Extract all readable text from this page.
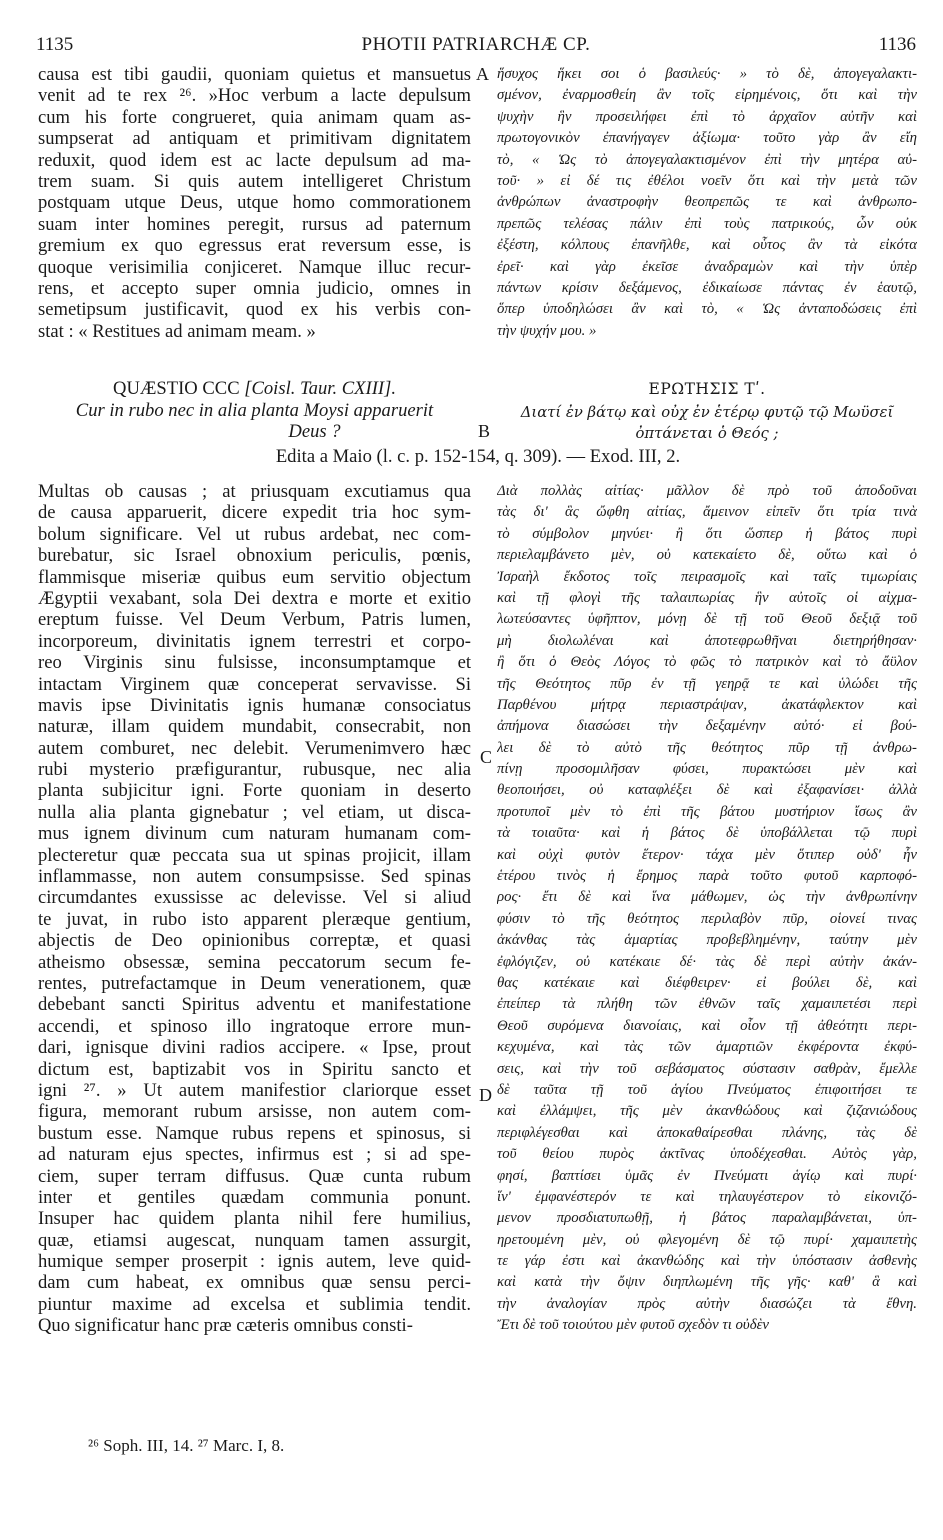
1135	PHOTII PATRIARCHÆ CP.	1136
causa est tibi gaudii, quoniam quietus et mansuetus
venit ad te rex ²⁶. »Hoc verbum a lacte depulsum
cum his forte congrueret, quia animam quam as-
sumpserat ad antiquam et primitivam dignitatem
reduxit, quod idem est ac lacte depulsum ad ma-
trem suam. Si quis autem intelligeret Christum
postquam utque Deus, utque homo commorationem
suam inter homines peregit, rursus ad paternum
gremium ex quo egressus erat reversum esse, is
quoque verisimilia conjiceret. Namque illuc recur-
rens, et accepto super omnia judicio, omnes in
semetipsum justificavit, quod ex his verbis con-
stat : « Restitues ad animam meam. »
ἥσυχος ἥκει σοι ὁ βασιλεύς· » τὸ δὲ, ἀπογεγαλακτι-
σμένον, ἐναρμοσθείη ἂν τοῖς εἰρημένοις, ὅτι καὶ τὴν
ψυχὴν ἣν προσειλήφει ἐπὶ τὸ ἀρχαῖον αὐτῆν καὶ
πρωτογονικὸν ἐπανήγαγεν ἀξίωμα· τοῦτο γὰρ ἂν εἴη
τὸ, « Ὡς τὸ ἀπογεγαλακτισμένον ἐπὶ τὴν μητέρα αὐ-
τοῦ· » εἰ δέ τις ἐθέλοι νοεῖν ὅτι καὶ τὴν μετὰ τῶν
ἀνθρώπων ἀναστροφὴν θεοπρεπῶς τε καὶ ἀνθρωπο-
πρεπῶς τελέσας πάλιν ἐπὶ τοὺς πατρικούς, ὧν οὐκ
ἐξέστη, κόλπους ἐπανῆλθε, καὶ οὗτος ἂν τὰ εἰκότα
ἐρεῖ· καὶ γὰρ ἐκεῖσε ἀναδραμὼν καὶ τὴν ὑπὲρ
πάντων κρίσιν δεξάμενος, ἐδικαίωσε πάντας ἐν ἑαυτῷ,
ὅπερ ὑποδηλώσει ἂν καὶ τὸ, « Ὡς ἀνταποδώσεις ἐπὶ
τὴν ψυχήν μου. »
A
B
C
D
QUÆSTIO CCC [Coisl. Taur. CXIII].
Cur in rubo nec in alia planta Moysi apparuerit
Deus ?
ΕΡΩΤΗΣΙΣ Τʹ.
Διατί ἐν βάτῳ καὶ οὐχ ἐν ἑτέρῳ φυτῷ τῷ Μωϋσεῖ
ὀπτάνεται ὁ Θεός ;
Edita a Maio (l. c. p. 152-154, q. 309). — Exod. III, 2.
Multas ob causas ; at priusquam excutiamus qua
de causa apparuerit, dicere expedit tria hoc sym-
bolum significare. Vel ut rubus ardebat, nec com-
burebatur, sic Israel obnoxium periculis, pœnis,
flammisque miseriæ quibus eum servitio objectum
Ægyptii vexabant, sola Dei dextra e morte et exitio
ereptum fuisse. Vel Deum Verbum, Patris lumen,
incorporeum, divinitatis ignem terrestri et corpo-
reo Virginis sinu fulsisse, inconsumptamque et
intactam Virginem quæ conceperat servavisse. Si
mavis ipse Divinitatis ignis humanæ consociatus
naturæ, illam quidem mundabit, consecrabit, non
autem comburet, nec delebit. Verumenimvero hæc
rubi mysterio præfigurantur, rubusque, nec alia
planta subjicitur igni. Forte quoniam in deserto
nulla alia planta gignebatur ; vel etiam, ut disca-
mus ignem divinum cum naturam humanam com-
plecteretur quæ peccata sua ut spinas projicit, illam
inflammasse, non autem consumpsisse. Sed spinas
circumdantes exussisse ac delevisse. Vel si aliud
te juvat, in rubo isto apparent pleræque gentium,
abjectis de Deo opinionibus correptæ, et quasi
atheismo obsessæ, semina peccatorum secum fe-
rentes, putrefactamque in Deum venerationem, quæ
debebant sancti Spiritus adventu et manifestatione
accendi, et spinoso illo ingratoque errore mun-
dari, ignisque divini radios accipere. « Ipse, prout
dictum est, baptizabit vos in Spiritu sancto et
igni ²⁷. » Ut autem manifestior clariorque esset
figura, memorant rubum arsisse, non autem com-
bustum esse. Namque rubus repens et spinosus, si
ad naturam ejus spectes, infirmus est ; si ad spe-
ciem, super terram diffusus. Quæ cunta rubum
inter et gentiles quædam communia ponunt.
Insuper hac quidem planta nihil fere humilius,
quæ, etiamsi augescat, nunquam tamen assurgit,
humique semper proserpit : ignis autem, leve quid-
dam cum habeat, ex omnibus quæ sensu perci-
piuntur maxime ad excelsa et sublimia tendit.
Quo significatur hanc præ cæteris omnibus consti-
Διὰ πολλὰς αἰτίας· μᾶλλον δὲ πρὸ τοῦ ἀποδοῦναι
τὰς δι' ἃς ὤφθη αἰτίας, ἄμεινον εἰπεῖν ὅτι τρία τινὰ
τὸ σύμβολον μηνύει· ἢ ὅτι ὥσπερ ἡ βάτος πυρὶ
περιελαμβάνετο μὲν, οὐ κατεκαίετο δὲ, οὕτω καὶ ὁ
Ἰσραὴλ ἔκδοτος τοῖς πειρασμοῖς καὶ ταῖς τιμωρίαις
καὶ τῇ φλογὶ τῆς ταλαιπωρίας ἣν αὐτοῖς οἱ αἰχμα-
λωτεύσαντες ὑφῆπτον, μόνῃ δὲ τῇ τοῦ Θεοῦ δεξιᾷ τοῦ
μὴ διολωλέναι καὶ ἀποτεφρωθῆναι διετηρήθησαν·
ἢ ὅτι ὁ Θεὸς Λόγος τὸ φῶς τὸ πατρικὸν καὶ τὸ ἄϋλον
τῆς Θεότητος πῦρ ἐν τῇ γεηρᾷ τε καὶ ὑλώδει τῆς
Παρθένου μήτρᾳ περιαστράψαν, ἀκατάφλεκτον καὶ
ἀπήμονα διασώσει τὴν δεξαμένην αὐτό· εἰ βού-
λει δὲ τὸ αὐτὸ τῆς θεότητος πῦρ τῇ ἀνθρω-
πίνῃ προσομιλῆσαν φύσει, πυρακτώσει μὲν καὶ
θεοποιήσει, οὐ καταφλέξει δὲ καὶ ἐξαφανίσει· ἀλλὰ
προτυποῖ μὲν τὸ ἐπὶ τῆς βάτου μυστήριον ἴσως ἂν
τὰ τοιαῦτα· καὶ ἡ βάτος δὲ ὑποβάλλεται τῷ πυρὶ
καὶ οὐχὶ φυτὸν ἕτερον· τάχα μὲν ὅτιπερ οὐδ' ἦν
ἑτέρου τινὸς ἡ ἔρημος παρὰ τοῦτο φυτοῦ καρποφό-
ρος· ἔτι δὲ καὶ ἵνα μάθωμεν, ὡς τὴν ἀνθρωπίνην
φύσιν τὸ τῆς θεότητος περιλαβὸν πῦρ, οἱονεί τινας
ἀκάνθας τὰς ἁμαρτίας προβεβλημένην, ταύτην μὲν
ἐφλόγιζεν, οὐ κατέκαιε δέ· τὰς δὲ περὶ αὐτὴν ἀκάν-
θας κατέκαιε καὶ διέφθειρεν· εἰ βούλει δὲ, καὶ
ἐπείπερ τὰ πλήθη τῶν ἐθνῶν ταῖς χαμαιπετέσι περὶ
Θεοῦ συρόμενα διανοίαις, καὶ οἷον τῇ ἀθεότητι περι-
κεχυμένα, καὶ τὰς τῶν ἁμαρτιῶν ἐκφέροντα ἐκφύ-
σεις, καὶ τὴν τοῦ σεβάσματος σύστασιν σαθρὰν, ἔμελλε
δὲ ταῦτα τῇ τοῦ ἁγίου Πνεύματος ἐπιφοιτήσει τε
καὶ ἐλλάμψει, τῆς μὲν ἀκανθώδους καὶ ζιζανιώδους
περιφλέγεσθαι καὶ ἀποκαθαίρεσθαι πλάνης, τὰς δὲ
τοῦ θείου πυρὸς ἀκτῖνας ὑποδέχεσθαι. Αὐτὸς γὰρ,
φησί, βαπτίσει ὑμᾶς ἐν Πνεύματι ἁγίῳ καὶ πυρί·
ἵν' ἐμφανέστερόν τε καὶ τηλαυγέστερον τὸ εἰκονιζό-
μενον προσδιατυπωθῇ, ἡ βάτος παραλαμβάνεται, ὑπ-
ηρετουμένη μὲν, οὐ φλεγομένη δὲ τῷ πυρί· χαμαιπετὴς
τε γάρ ἐστι καὶ ἀκανθώδης καὶ τὴν ὑπόστασιν ἀσθενὴς
καὶ κατὰ τὴν ὄψιν διηπλωμένη τῆς γῆς· καθ' ἃ καὶ
τὴν ἀναλογίαν πρὸς αὐτὴν διασώζει τὰ ἔθνη.
Ἔτι δὲ τοῦ τοιούτου μὲν φυτοῦ σχεδὸν τι οὐδὲν
²⁶ Soph. III, 14. ²⁷ Marc. I, 8.
